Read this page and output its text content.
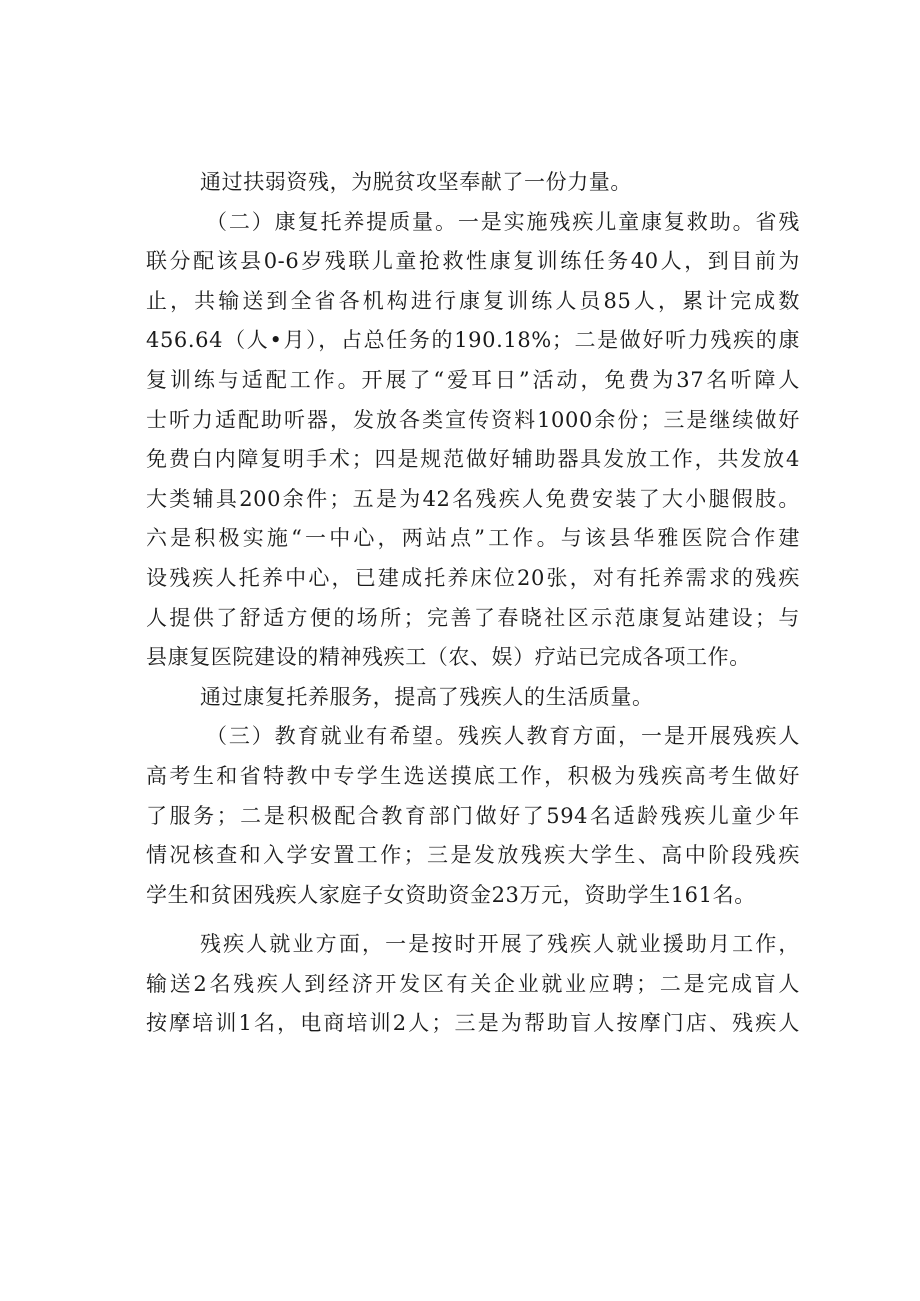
通过扶弱资残，为脱贫攻坚奉献了一份力量。
（二）康复托养提质量。一是实施残疾儿童康复救助。省残
联分配该县0-6岁残联儿童抢救性康复训练任务40人，到目前为
止，共输送到全省各机构进行康复训练人员85人，累计完成数
456.64（人•月），占总任务的190.18%；二是做好听力残疾的康
复训练与适配工作。开展了“爱耳日”活动，免费为37名听障人
士听力适配助听器，发放各类宣传资料1000余份；三是继续做好
免费白内障复明手术；四是规范做好辅助器具发放工作，共发放4
大类辅具200余件；五是为42名残疾人免费安装了大小腿假肢。
六是积极实施“一中心，两站点”工作。与该县华雅医院合作建
设残疾人托养中心，已建成托养床位20张，对有托养需求的残疾
人提供了舒适方便的场所；完善了春晓社区示范康复站建设；与
县康复医院建设的精神残疾工（农、娱）疗站已完成各项工作。
通过康复托养服务，提高了残疾人的生活质量。
（三）教育就业有希望。残疾人教育方面，一是开展残疾人
高考生和省特教中专学生选送摸底工作，积极为残疾高考生做好
了服务；二是积极配合教育部门做好了594名适龄残疾儿童少年
情况核查和入学安置工作；三是发放残疾大学生、高中阶段残疾
学生和贫困残疾人家庭子女资助资金23万元，资助学生161名。
残疾人就业方面，一是按时开展了残疾人就业援助月工作，
输送2名残疾人到经济开发区有关企业就业应聘；二是完成盲人
按摩培训1名，电商培训2人；三是为帮助盲人按摩门店、残疾人
